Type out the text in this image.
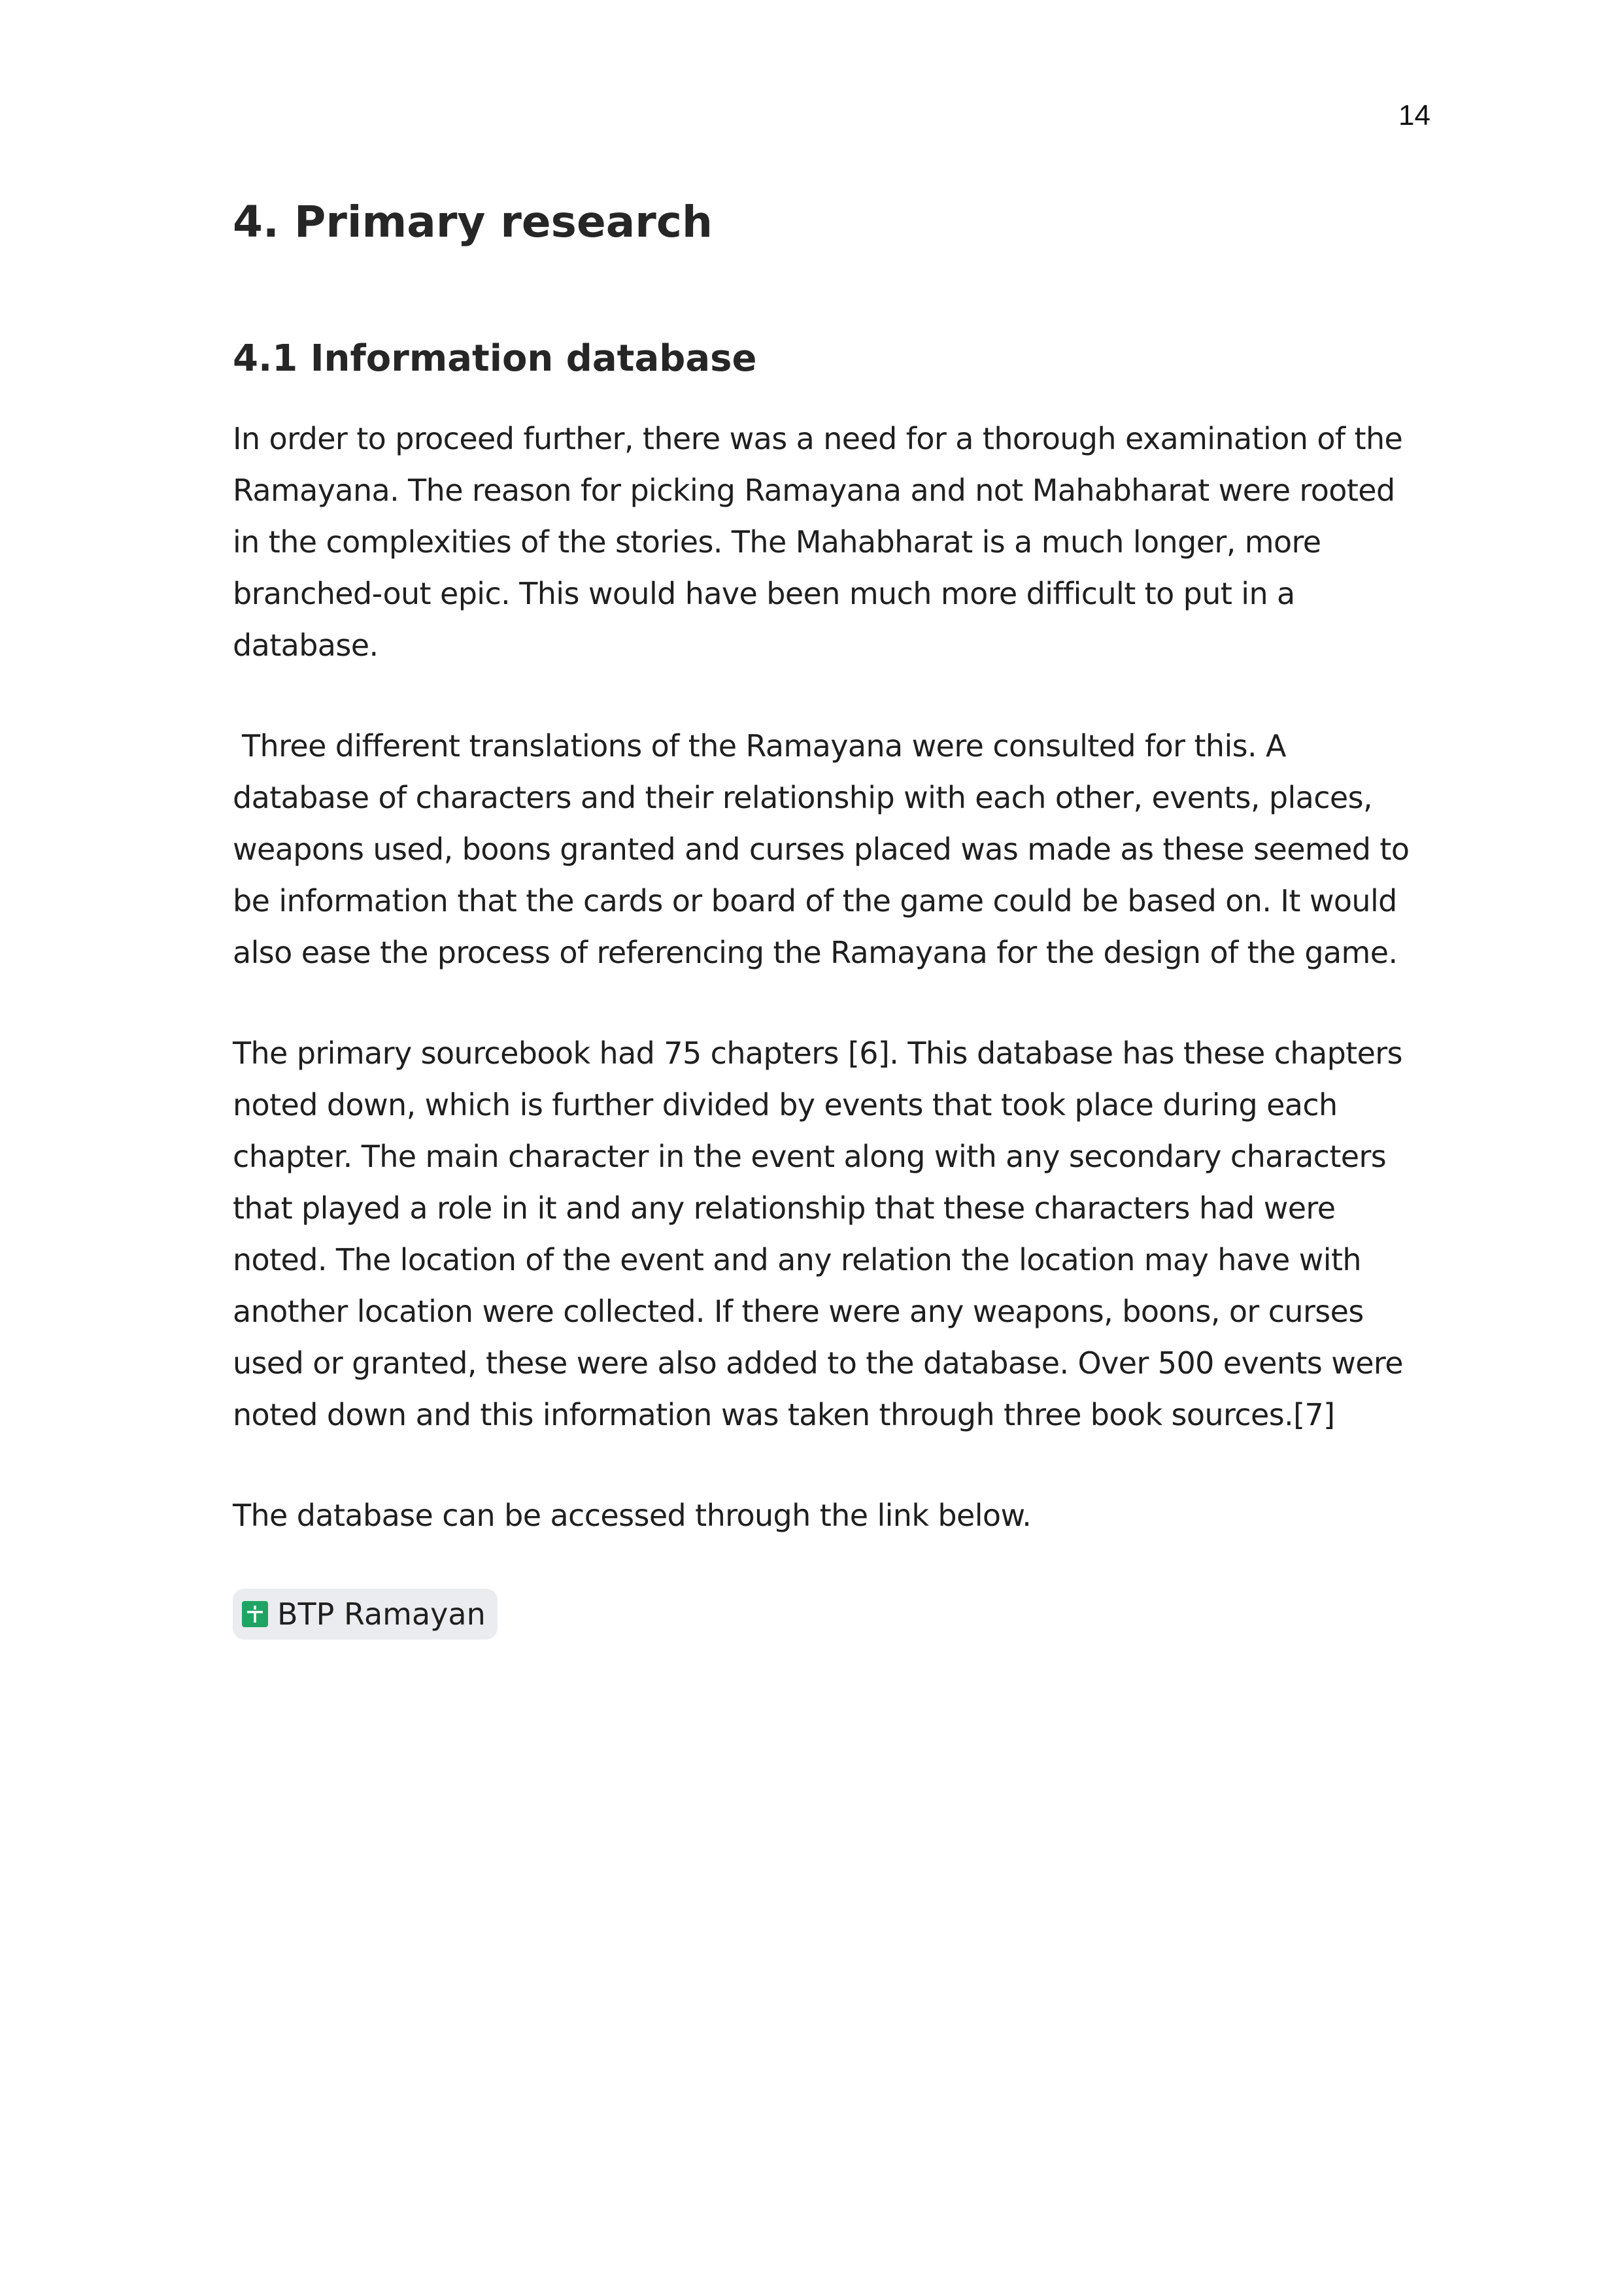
14
4. Primary research
4.1 Information database

In order to proceed further, there was a need for a thorough examination of the Ramayana. The reason for picking Ramayana and not Mahabharat were rooted in the complexities of the stories. The Mahabharat is a much longer, more branched-out epic. This would have been much more difficult to put in a database.

Three different translations of the Ramayana were consulted for this. A database of characters and their relationship with each other, events, places, weapons used, boons granted and curses placed was made as these seemed to be information that the cards or board of the game could be based on. It would also ease the process of referencing the Ramayana for the design of the game.

The primary sourcebook had 75 chapters [6]. This database has these chapters noted down, which is further divided by events that took place during each chapter. The main character in the event along with any secondary characters that played a role in it and any relationship that these characters had were noted. The location of the event and any relation the location may have with another location were collected. If there were any weapons, boons, or curses used or granted, these were also added to the database. Over 500 events were noted down and this information was taken through three book sources.[7]

The database can be accessed through the link below.

BTP Ramayan
